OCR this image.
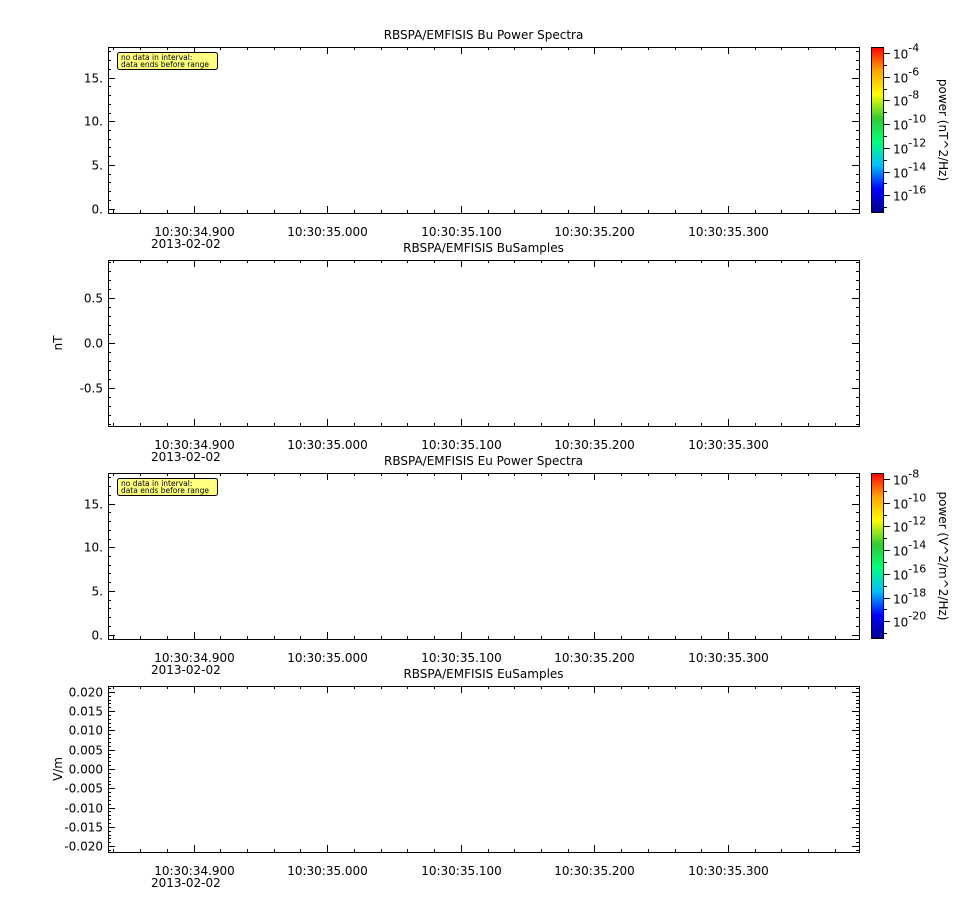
RBSPA/EMFISIS Bu Power Spectra
0.
5.
10.
15.
10:30:34.900	10:30:35.000	10:30:35.100	10:30:35.200	10:30:35.300
2013-02-02
no data in interval:
data ends before range
10-4
10-6
10-8
10-10
10-12
10-14
10-16
power (nT^2/Hz)
RBSPA/EMFISIS BuSamples
0.5
0.0
-0.5
nT
10:30:34.900	10:30:35.000	10:30:35.100	10:30:35.200	10:30:35.300
2013-02-02	RBSPA/EMFISIS Eu Power Spectra
0.
5.
10.
15.
10:30:34.900	10:30:35.000	10:30:35.100	10:30:35.200	10:30:35.300
2013-02-02
no data in interval:
data ends before range
10-8
10-10
10-12
10-14
10-16
10-18
10-20 power (V^2/m^2/Hz)
RBSPA/EMFISIS EuSamples
0.020
0.015
0.010
0.005
0.000
-0.005
-0.010
-0.015
-0.020
V/m
10:30:34.900	10:30:35.000	10:30:35.100	10:30:35.200	10:30:35.300
2013-02-02
